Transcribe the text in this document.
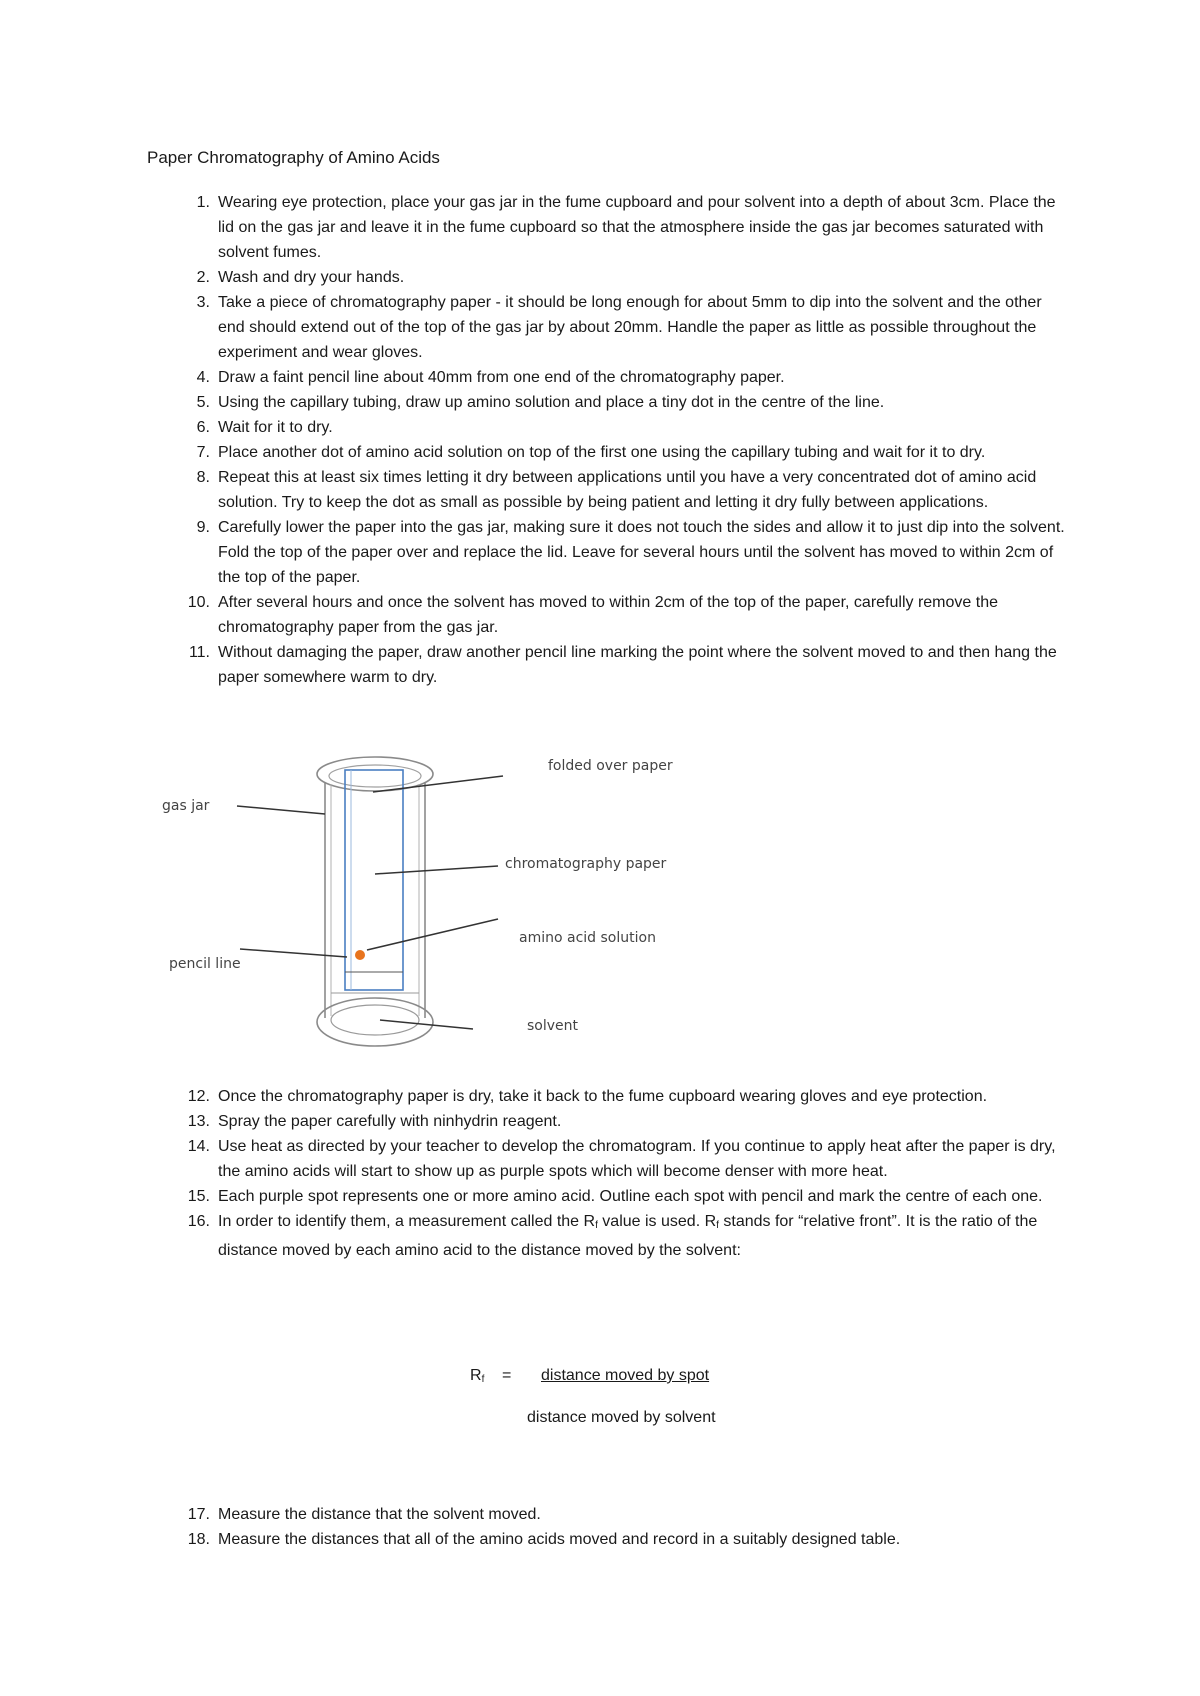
Paper Chromatography of Amino Acids
1. Wearing eye protection, place your gas jar in the fume cupboard and pour solvent into a depth of about 3cm. Place the lid on the gas jar and leave it in the fume cupboard so that the atmosphere inside the gas jar becomes saturated with solvent fumes.
2. Wash and dry your hands.
3. Take a piece of chromatography paper - it should be long enough for about 5mm to dip into the solvent and the other end should extend out of the top of the gas jar by about 20mm. Handle the paper as little as possible throughout the experiment and wear gloves.
4. Draw a faint pencil line about 40mm from one end of the chromatography paper.
5. Using the capillary tubing, draw up amino solution and place a tiny dot in the centre of the line.
6. Wait for it to dry.
7. Place another dot of amino acid solution on top of the first one using the capillary tubing and wait for it to dry.
8. Repeat this at least six times letting it dry between applications until you have a very concentrated dot of amino acid solution. Try to keep the dot as small as possible by being patient and letting it dry fully between applications.
9. Carefully lower the paper into the gas jar, making sure it does not touch the sides and allow it to just dip into the solvent. Fold the top of the paper over and replace the lid. Leave for several hours until the solvent has moved to within 2cm of the top of the paper.
10. After several hours and once the solvent has moved to within 2cm of the top of the paper, carefully remove the chromatography paper from the gas jar.
11. Without damaging the paper, draw another pencil line marking the point where the solvent moved to and then hang the paper somewhere warm to dry.
folded over paper
gas jar
chromatography paper
amino acid solution
pencil line
solvent
12. Once the chromatography paper is dry, take it back to the fume cupboard wearing gloves and eye protection.
13. Spray the paper carefully with ninhydrin reagent.
14. Use heat as directed by your teacher to develop the chromatogram. If you continue to apply heat after the paper is dry, the amino acids will start to show up as purple spots which will become denser with more heat.
15. Each purple spot represents one or more amino acid. Outline each spot with pencil and mark the centre of each one.
16. In order to identify them, a measurement called the $R_f$ value is used. $R_f$ stands for “relative front”. It is the ratio of the distance moved by each amino acid to the distance moved by the solvent:
$R_f$ = distance moved by spot
distance moved by solvent
17. Measure the distance that the solvent moved.
18. Measure the distances that all of the amino acids moved and record in a suitably designed table.
